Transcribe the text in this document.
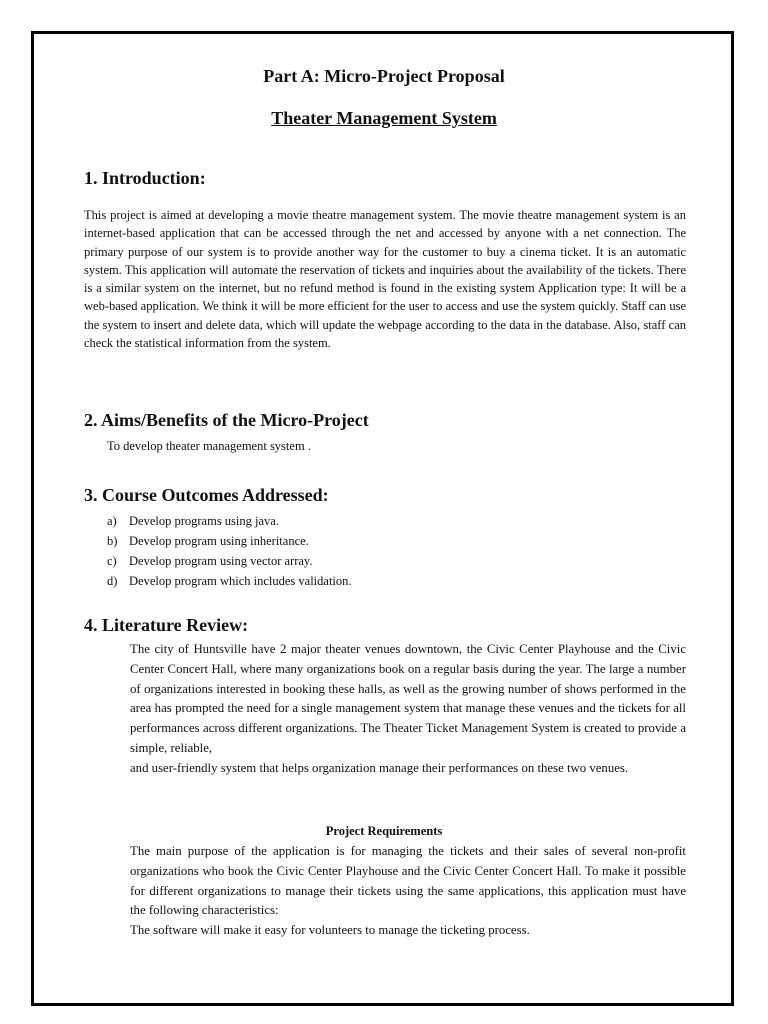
Part A: Micro-Project Proposal
Theater Management System
1. Introduction:

This project is aimed at developing a movie theatre management system. The movie theatre management system is an internet-based application that can be accessed through the net and accessed by anyone with a net connection. The primary purpose of our system is to provide another way for the customer to buy a cinema ticket. It is an automatic system. This application will automate the reservation of tickets and inquiries about the availability of the tickets. There is a similar system on the internet, but no refund method is found in the existing system Application type: It will be a web-based application. We think it will be more efficient for the user to access and use the system quickly. Staff can use the system to insert and delete data, which will update the webpage according to the data in the database. Also, staff can check the statistical information from the system.

2. Aims/Benefits of the Micro-Project

To develop theater management system .

3. Course Outcomes Addressed:
a) Develop programs using java.
b) Develop program using inheritance.
c) Develop program using vector array.
d) Develop program which includes validation.
4. Literature Review:
The city of Huntsville have 2 major theater venues downtown, the Civic Center Playhouse and the Civic Center Concert Hall, where many organizations book on a regular basis during the year. The large a number of organizations interested in booking these halls, as well as the growing number of shows performed in the area has prompted the need for a single management system that manage these venues and the tickets for all performances across different organizations. The Theater Ticket Management System is created to provide a simple, reliable,
and user-friendly system that helps organization manage their performances on these two venues.
Project Requirements
The main purpose of the application is for managing the tickets and their sales of several non-profit organizations who book the Civic Center Playhouse and the Civic Center Concert Hall. To make it possible for different organizations to manage their tickets using the same applications, this application must have the following characteristics:
The software will make it easy for volunteers to manage the ticketing process.
